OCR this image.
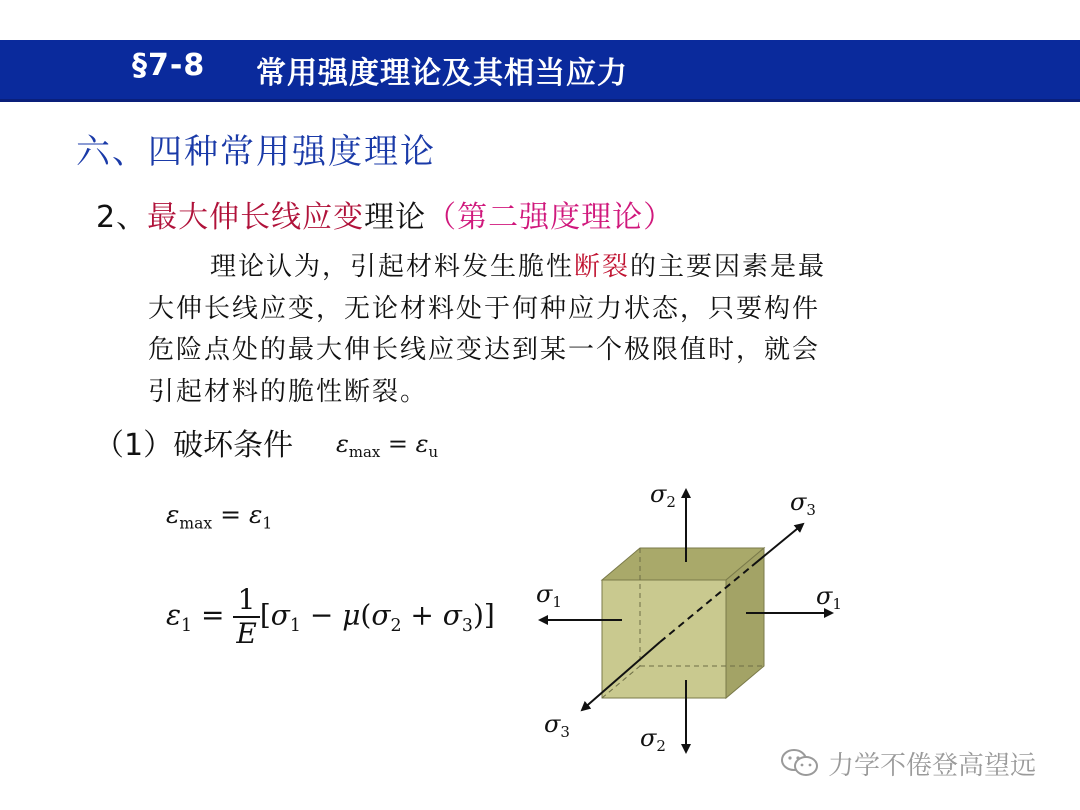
§7-8 常用强度理论及其相当应力
六、四种常用强度理论
2、最大伸长线应变理论（第二强度理论）
理论认为，引起材料发生脆性断裂的主要因素是最
大伸长线应变，无论材料处于何种应力状态，只要构件
危险点处的最大伸长线应变达到某一个极限值时，就会
引起材料的脆性断裂。
（1）破坏条件 $\varepsilon_{max} = \varepsilon_u$
$\varepsilon_{max} = \varepsilon_1$
$\varepsilon_1 = \frac{1}{E} [\sigma_1 - \mu(\sigma_2 + \sigma_3)]$
$\sigma_2$	$\sigma_3$
$\sigma_1$	$\sigma_1$
$\sigma_3$	$\sigma_2$
力学不倦登高望远
